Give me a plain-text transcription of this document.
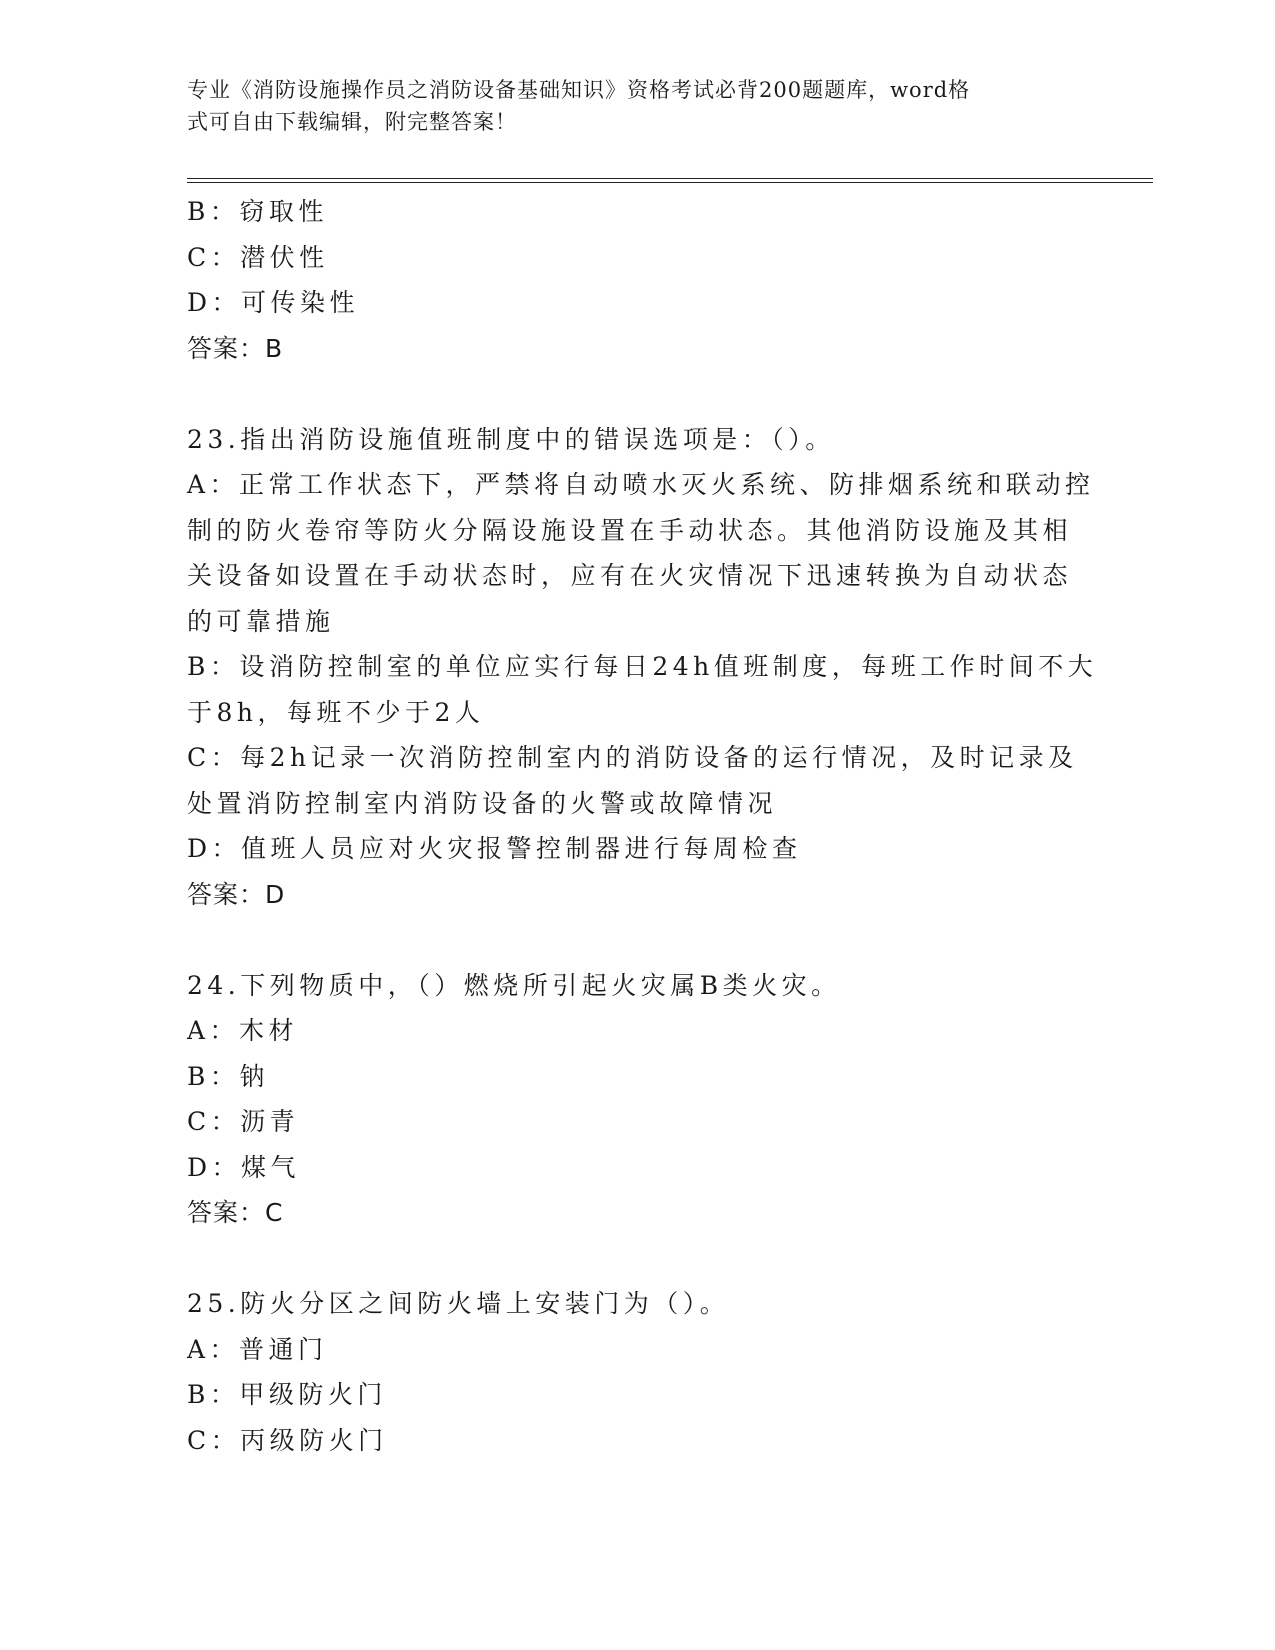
专业《消防设施操作员之消防设备基础知识》资格考试必背200题题库，word格
式可自由下载编辑，附完整答案！
B：窃取性
C：潜伏性
D：可传染性
答案：B
23.指出消防设施值班制度中的错误选项是：（）。
A：正常工作状态下，严禁将自动喷水灭火系统、防排烟系统和联动控
制的防火卷帘等防火分隔设施设置在手动状态。其他消防设施及其相
关设备如设置在手动状态时，应有在火灾情况下迅速转换为自动状态
的可靠措施
B：设消防控制室的单位应实行每日24h值班制度，每班工作时间不大
于8h，每班不少于2人
C：每2h记录一次消防控制室内的消防设备的运行情况，及时记录及
处置消防控制室内消防设备的火警或故障情况
D：值班人员应对火灾报警控制器进行每周检查
答案：D
24.下列物质中，（）燃烧所引起火灾属B类火灾。
A：木材
B：钠
C：沥青
D：煤气
答案：C
25.防火分区之间防火墙上安装门为（）。
A：普通门
B：甲级防火门
C：丙级防火门
